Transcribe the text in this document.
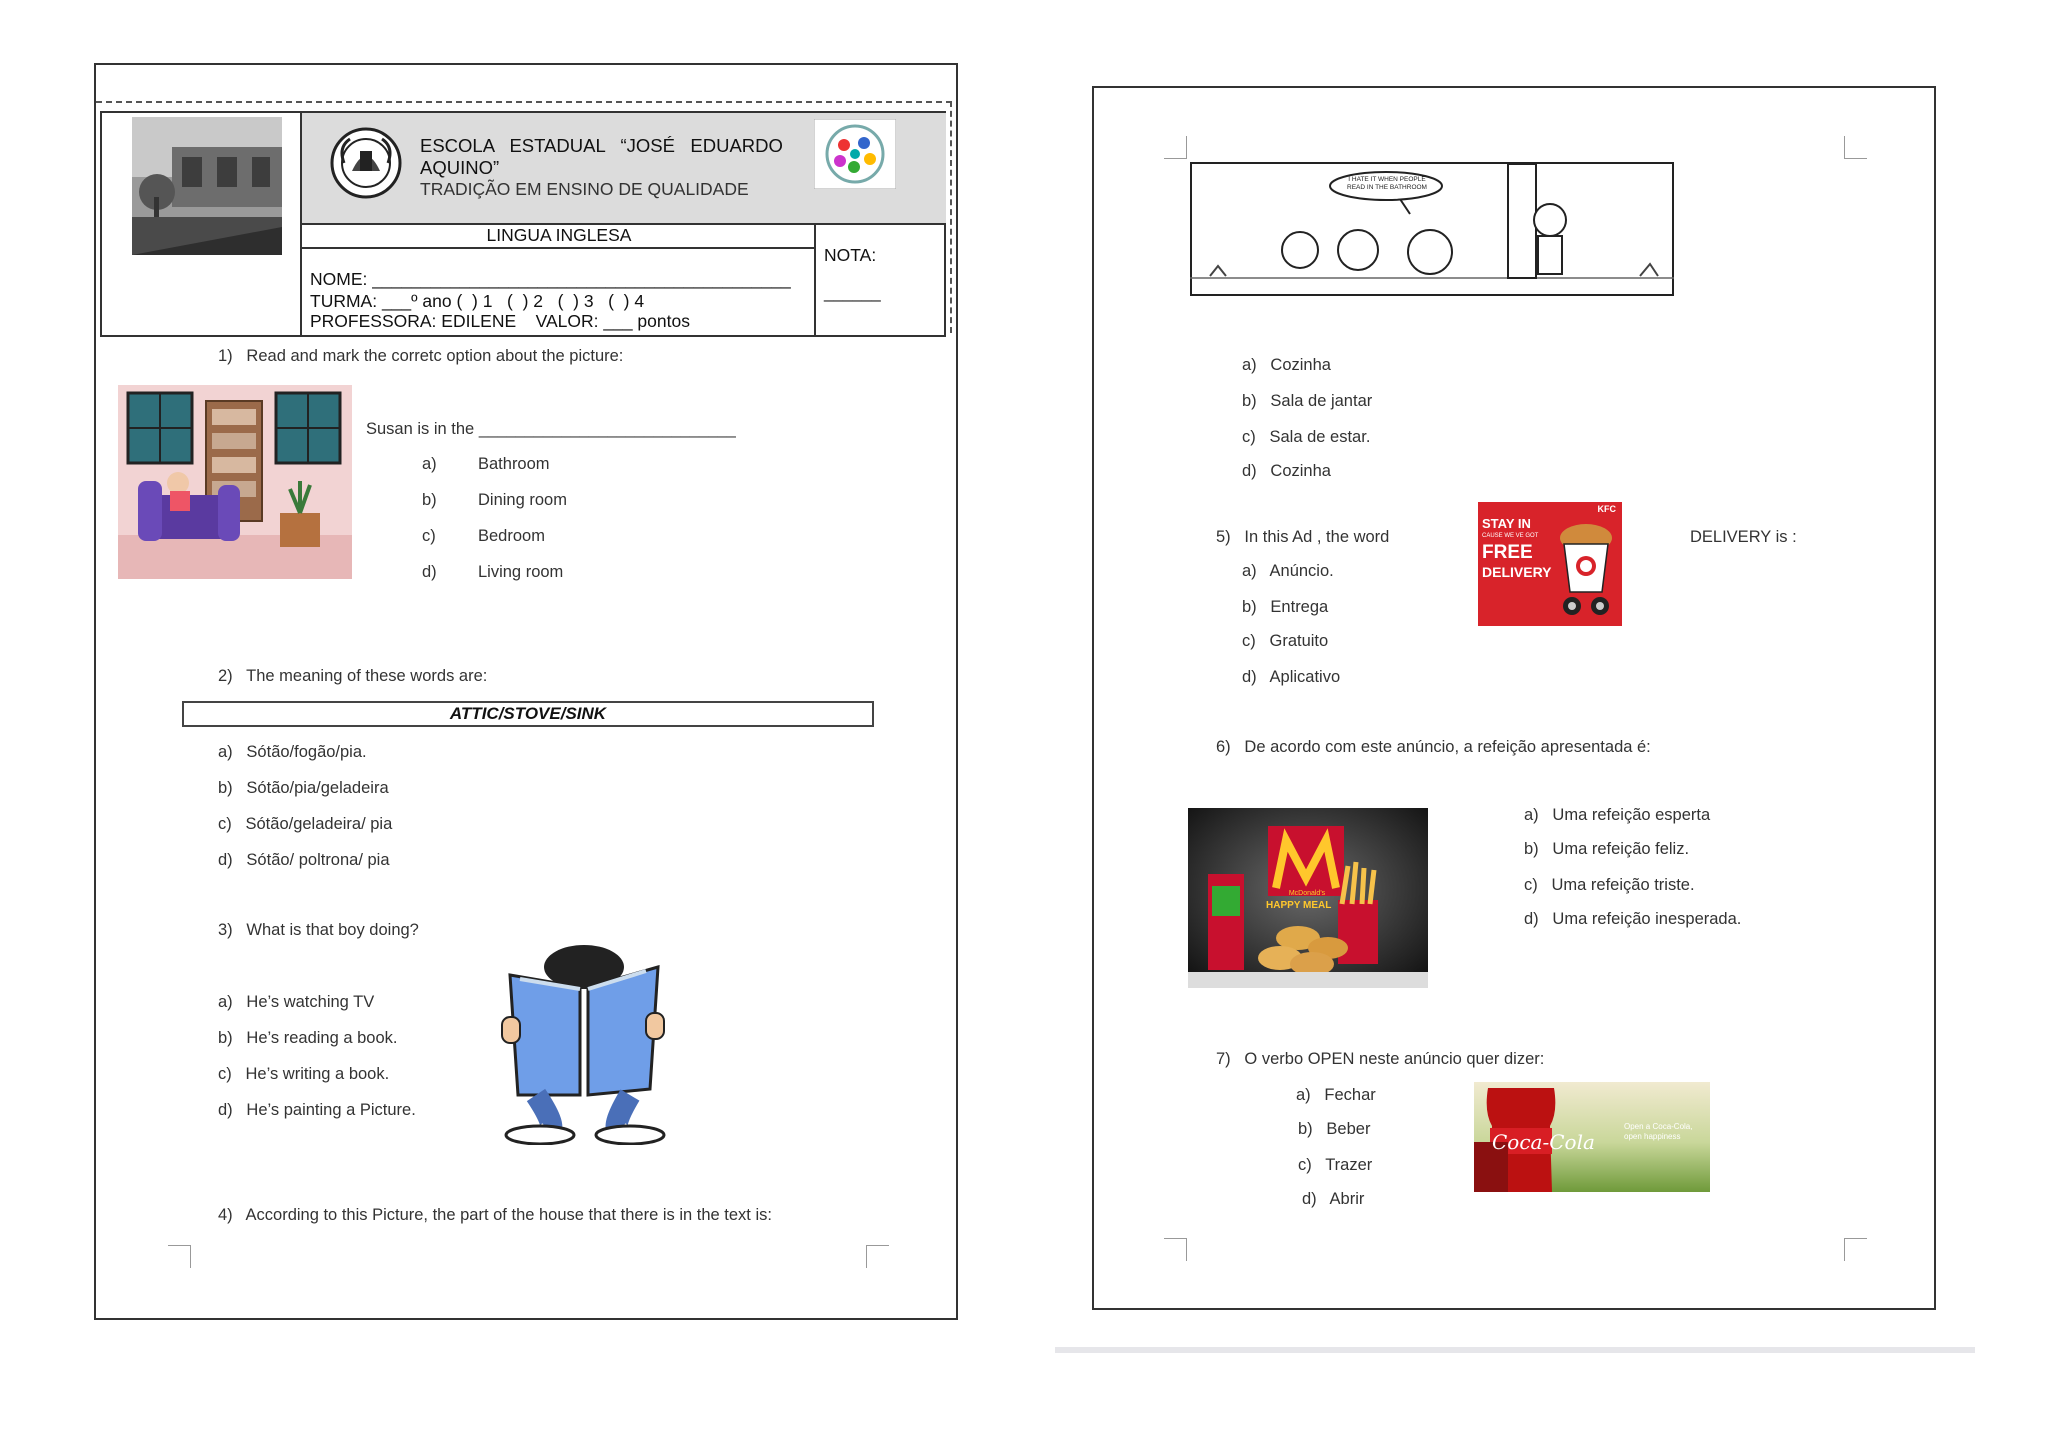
ESCOLA   ESTADUAL   “JOSÉ   EDUARDO
AQUINO”
TRADIÇÃO EM ENSINO DE QUALIDADE
LINGUA INGLESA
NOME: ___________________________________________
TURMA: ___º ano (  ) 1   (  ) 2   (  ) 3   (  ) 4
PROFESSORA: EDILENE    VALOR: ___ pontos
NOTA:
______
1)   Read and mark the corretc option about the picture:
Susan is in the ____________________________
a)	Bathroom
b)	Dining room
c)	Bedroom
d)	Living room
2)   The meaning of these words are:
ATTIC/STOVE/SINK
a)   Sótão/fogão/pia.
b)   Sótão/pia/geladeira
c)   Sótão/geladeira/ pia
d)   Sótão/ poltrona/ pia
3)   What is that boy doing?
a)   He’s watching TV
b)   He’s reading a book.
c)   He’s writing a book.
d)   He’s painting a Picture.
4)   According to this Picture, the part of the house that there is in the text is:
I HATE IT WHEN PEOPLE READ IN THE BATHROOM
a)   Cozinha
b)   Sala de jantar
c)   Sala de estar.
d)   Cozinha
5)   In this Ad , the word	DELIVERY is :
KFC
STAY IN
CAUSE WE VE GOT
FREE
DELIVERY
a)   Anúncio.
b)   Entrega
c)   Gratuito
d)   Aplicativo
6)   De acordo com este anúncio, a refeição apresentada é:
McDonald's
HAPPY MEAL
a)   Uma refeição esperta
b)   Uma refeição feliz.
c)   Uma refeição triste.
d)   Uma refeição inesperada.
7)   O verbo OPEN neste anúncio quer dizer:
a)   Fechar
b)   Beber
c)   Trazer
d)   Abrir
Coca-Cola
Open a Coca-Cola, open happiness
